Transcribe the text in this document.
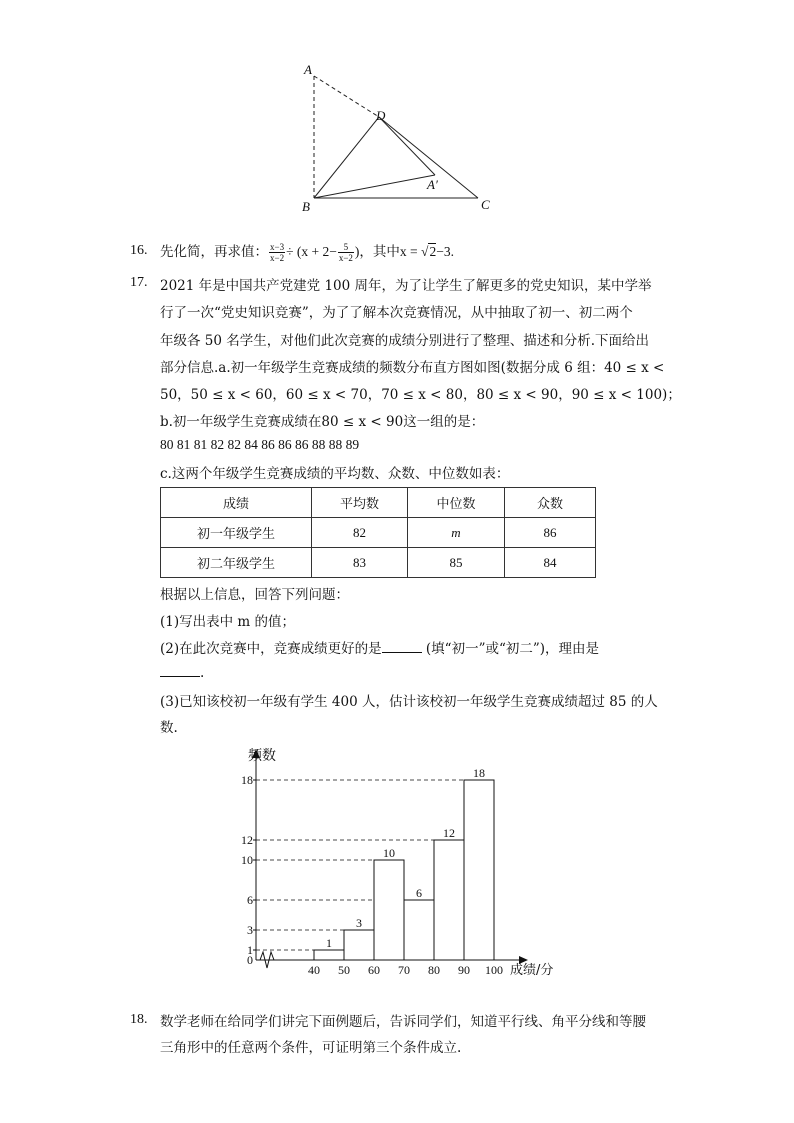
A
D
A′
B	C
16. 先化简，再求值： $\frac{x-3}{x-2} \div (x + 2- \frac{5}{x-2}$ )，其中x = √2−3.
17. 2021 年是中国共产党建党 100 周年，为了让学生了解更多的党史知识，某中学举
行了一次“党史知识竞赛”，为了了解本次竞赛情况，从中抽取了初一、初二两个
年级各 50 名学生，对他们此次竞赛的成绩分别进行了整理、描述和分析.下面给出
部分信息.a.初一年级学生竞赛成绩的频数分布直方图如图(数据分成 6 组：40 ≤ x <
50，50 ≤ x < 60，60 ≤ x < 70，70 ≤ x < 80，80 ≤ x < 90，90 ≤ x < 100)；
b.初一年级学生竞赛成绩在80 ≤ x < 90这一组的是：
80 81 81 82 82 84 86 86 86 88 88 89
c.这两个年级学生竞赛成绩的平均数、众数、中位数如表：
成绩	平均数	中位数	众数
初一年级学生	82	m	86
初二年级学生	83	85	84
根据以上信息，回答下列问题：
(1)写出表中 m 的值；
(2)在此次竞赛中，竞赛成绩更好的是	(填“初一”或“初二”)，理由是
.
(3)已知该校初一年级有学生 400 人，估计该校初一年级学生竞赛成绩超过 85 的人
数.
1
3
10
6
12
18
0
1
3
6
10
12
18
40 50 60 70 80 90 100
频数
成绩/分
18. 数学老师在给同学们讲完下面例题后，告诉同学们，知道平行线、角平分线和等腰
三角形中的任意两个条件，可证明第三个条件成立.
